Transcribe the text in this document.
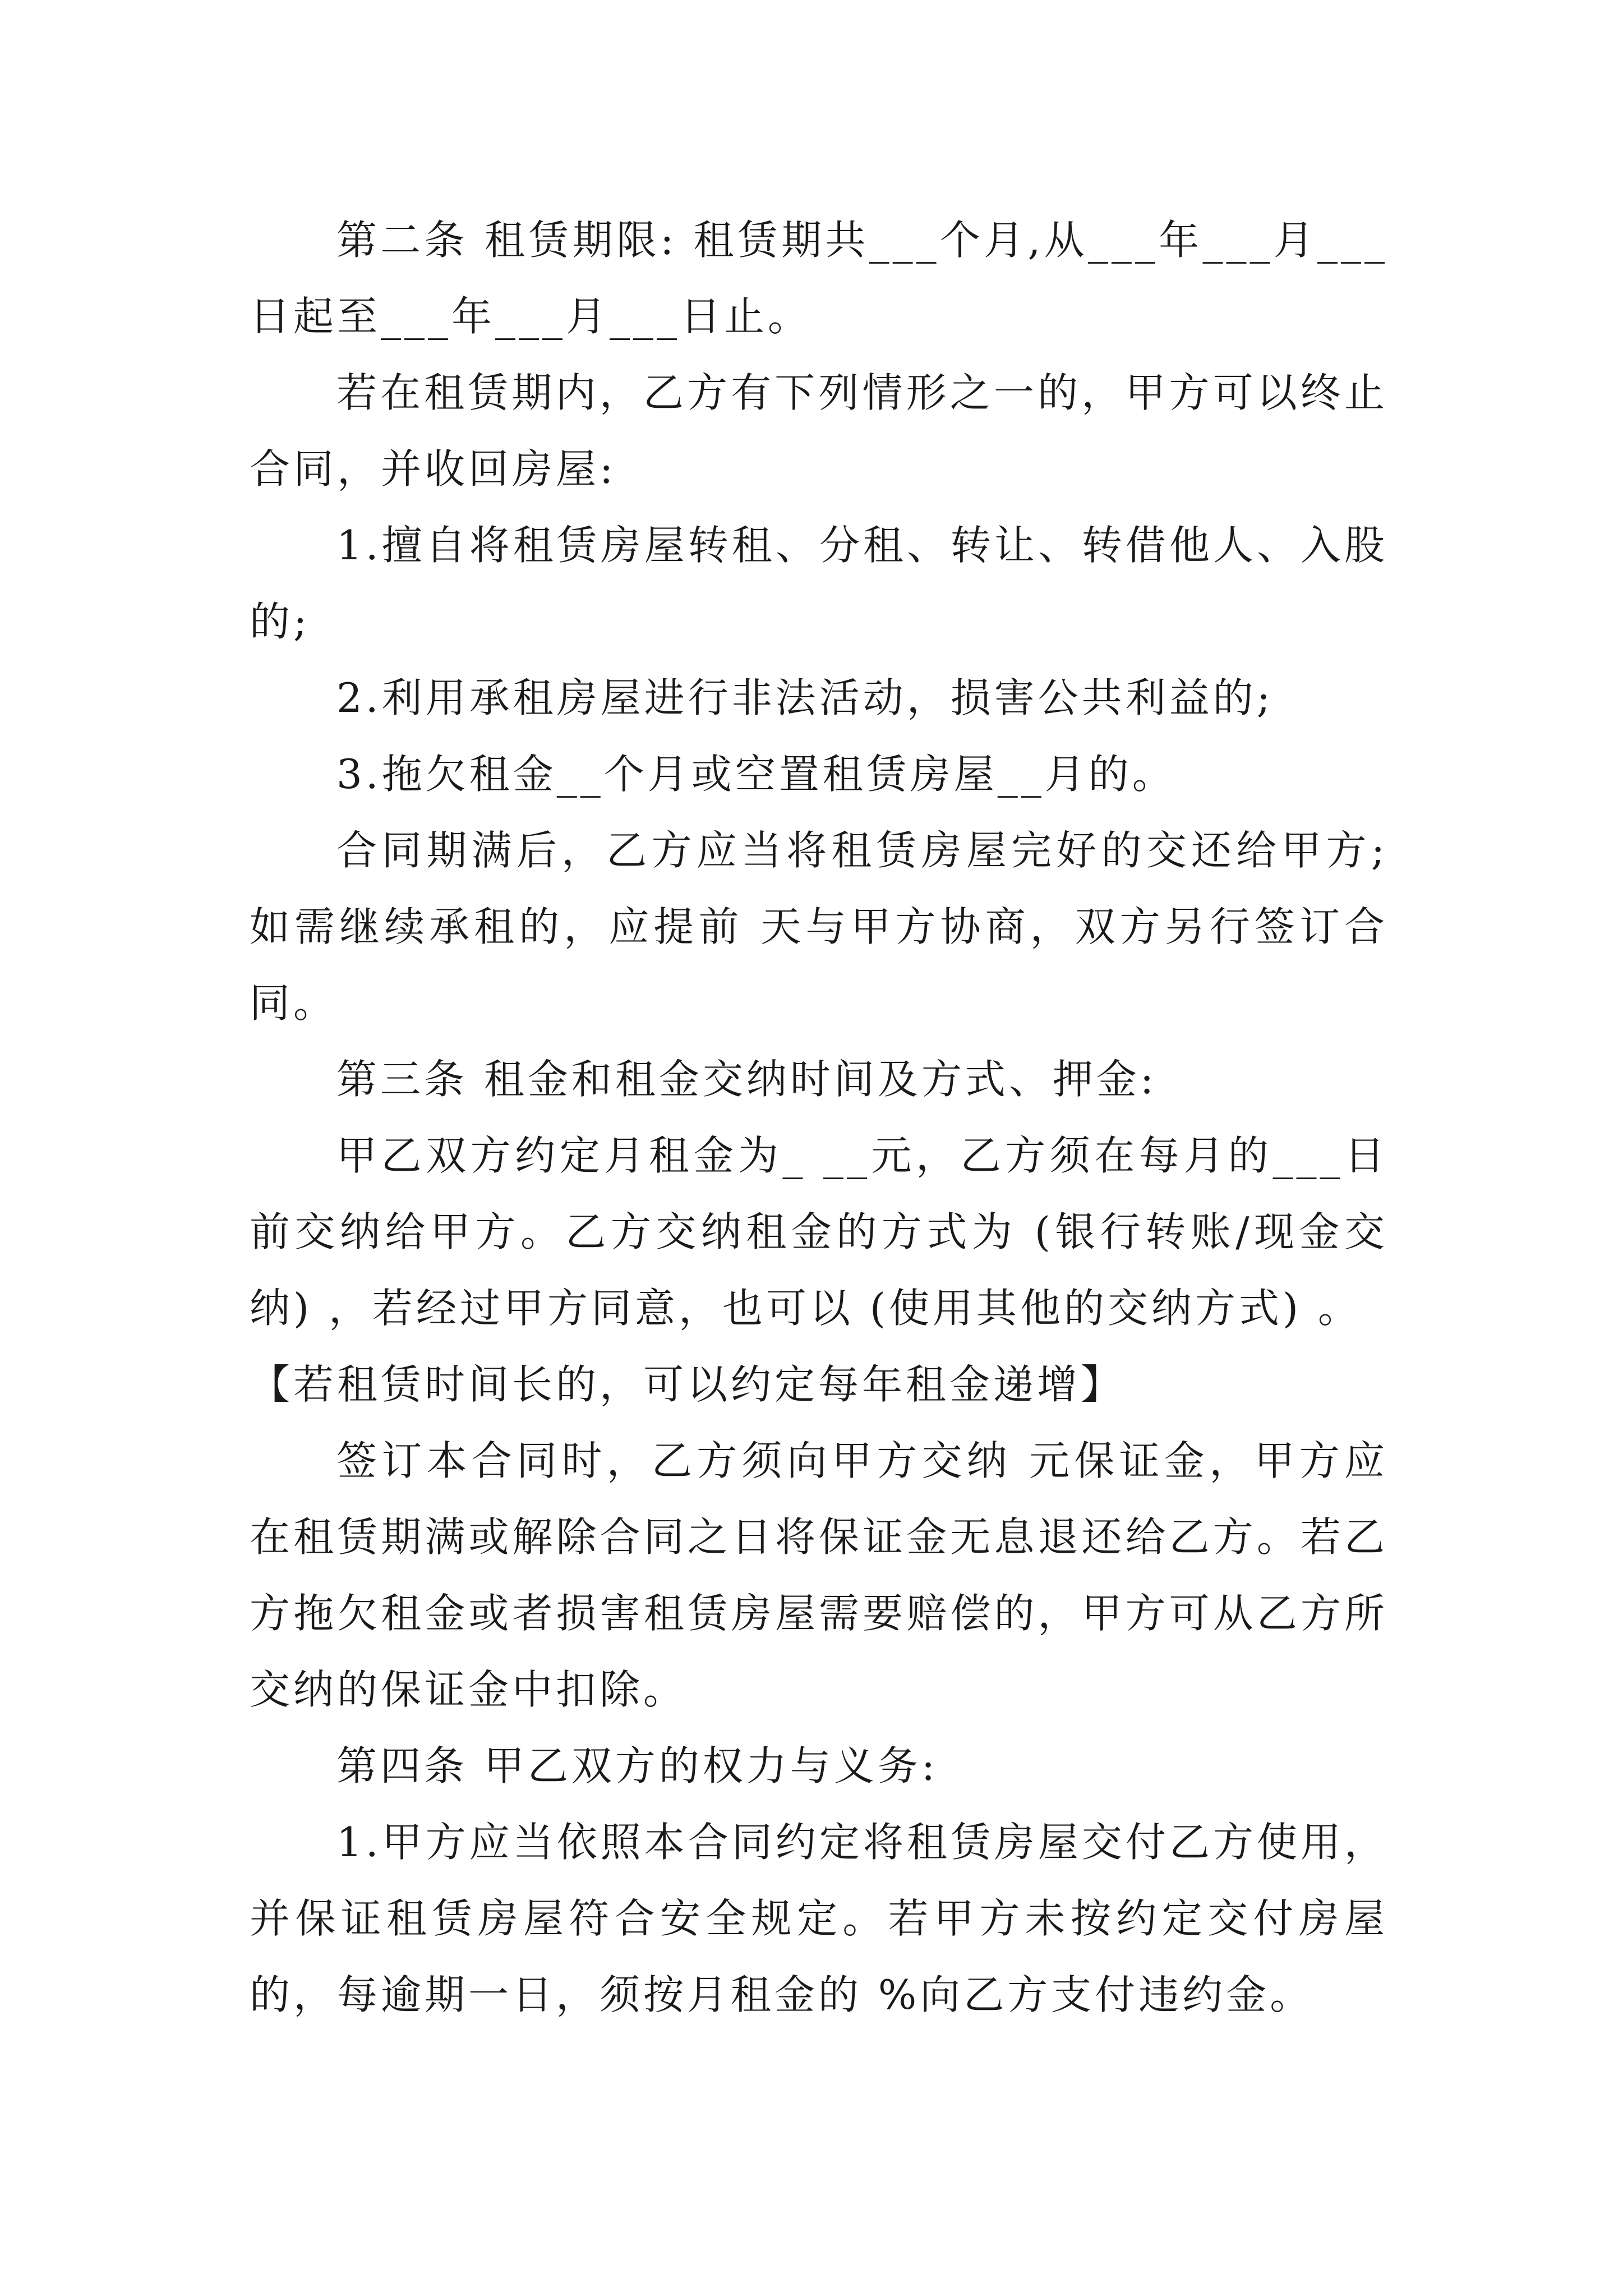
第二条 租赁期限: 租赁期共___个月,从___年___月___日起至___年___月___日止。

若在租赁期内，乙方有下列情形之一的，甲方可以终止合同，并收回房屋:

1.擅自将租赁房屋转租、分租、转让、转借他人、入股的;

2.利用承租房屋进行非法活动，损害公共利益的;

3.拖欠租金__个月或空置租赁房屋__月的。

合同期满后，乙方应当将租赁房屋完好的交还给甲方;如需继续承租的，应提前 天与甲方协商，双方另行签订合同。

第三条 租金和租金交纳时间及方式、押金:

甲乙双方约定月租金为_ __元，乙方须在每月的___日前交纳给甲方。乙方交纳租金的方式为 (银行转账/现金交纳) ，若经过甲方同意，也可以 (使用其他的交纳方式) 。

【若租赁时间长的，可以约定每年租金递增】

签订本合同时，乙方须向甲方交纳 元保证金，甲方应在租赁期满或解除合同之日将保证金无息退还给乙方。若乙方拖欠租金或者损害租赁房屋需要赔偿的，甲方可从乙方所交纳的保证金中扣除。

第四条 甲乙双方的权力与义务:

1.甲方应当依照本合同约定将租赁房屋交付乙方使用，并保证租赁房屋符合安全规定。若甲方未按约定交付房屋的，每逾期一日，须按月租金的 %向乙方支付违约金。
